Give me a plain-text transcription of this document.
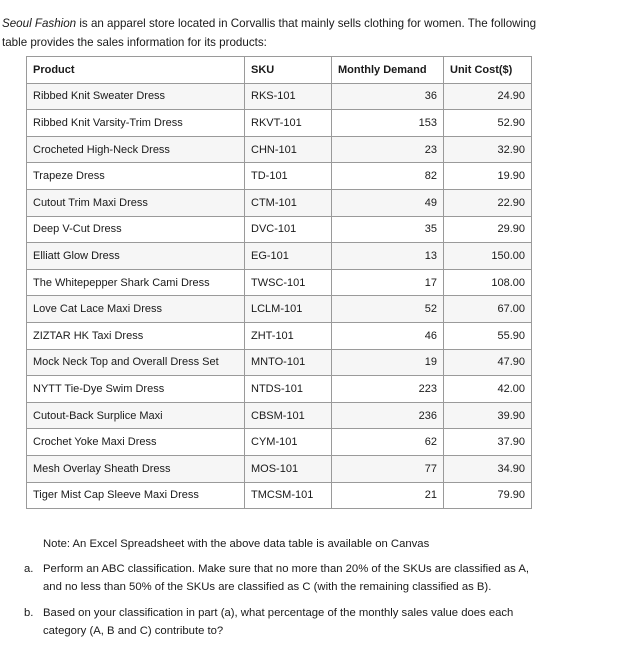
Seoul Fashion is an apparel store located in Corvallis that mainly sells clothing for women. The following
table provides the sales information for its products:
Product	SKU	Monthly Demand	Unit Cost($)
Ribbed Knit Sweater Dress	RKS-101	36	24.90
Ribbed Knit Varsity-Trim Dress	RKVT-101	153	52.90
Crocheted High-Neck Dress	CHN-101	23	32.90
Trapeze Dress	TD-101	82	19.90
Cutout Trim Maxi Dress	CTM-101	49	22.90
Deep V-Cut Dress	DVC-101	35	29.90
Elliatt Glow Dress	EG-101	13	150.00
The Whitepepper Shark Cami Dress	TWSC-101	17	108.00
Love Cat Lace Maxi Dress	LCLM-101	52	67.00
ZIZTAR HK Taxi Dress	ZHT-101	46	55.90
Mock Neck Top and Overall Dress Set	MNTO-101	19	47.90
NYTT Tie-Dye Swim Dress	NTDS-101	223	42.00
Cutout-Back Surplice Maxi	CBSM-101	236	39.90
Crochet Yoke Maxi Dress	CYM-101	62	37.90
Mesh Overlay Sheath Dress	MOS-101	77	34.90
Tiger Mist Cap Sleeve Maxi Dress	TMCSM-101	21	79.90
Note: An Excel Spreadsheet with the above data table is available on Canvas
a. Perform an ABC classification. Make sure that no more than 20% of the SKUs are classified as A,
and no less than 50% of the SKUs are classified as C (with the remaining classified as B).
b. Based on your classification in part (a), what percentage of the monthly sales value does each
category (A, B and C) contribute to?
